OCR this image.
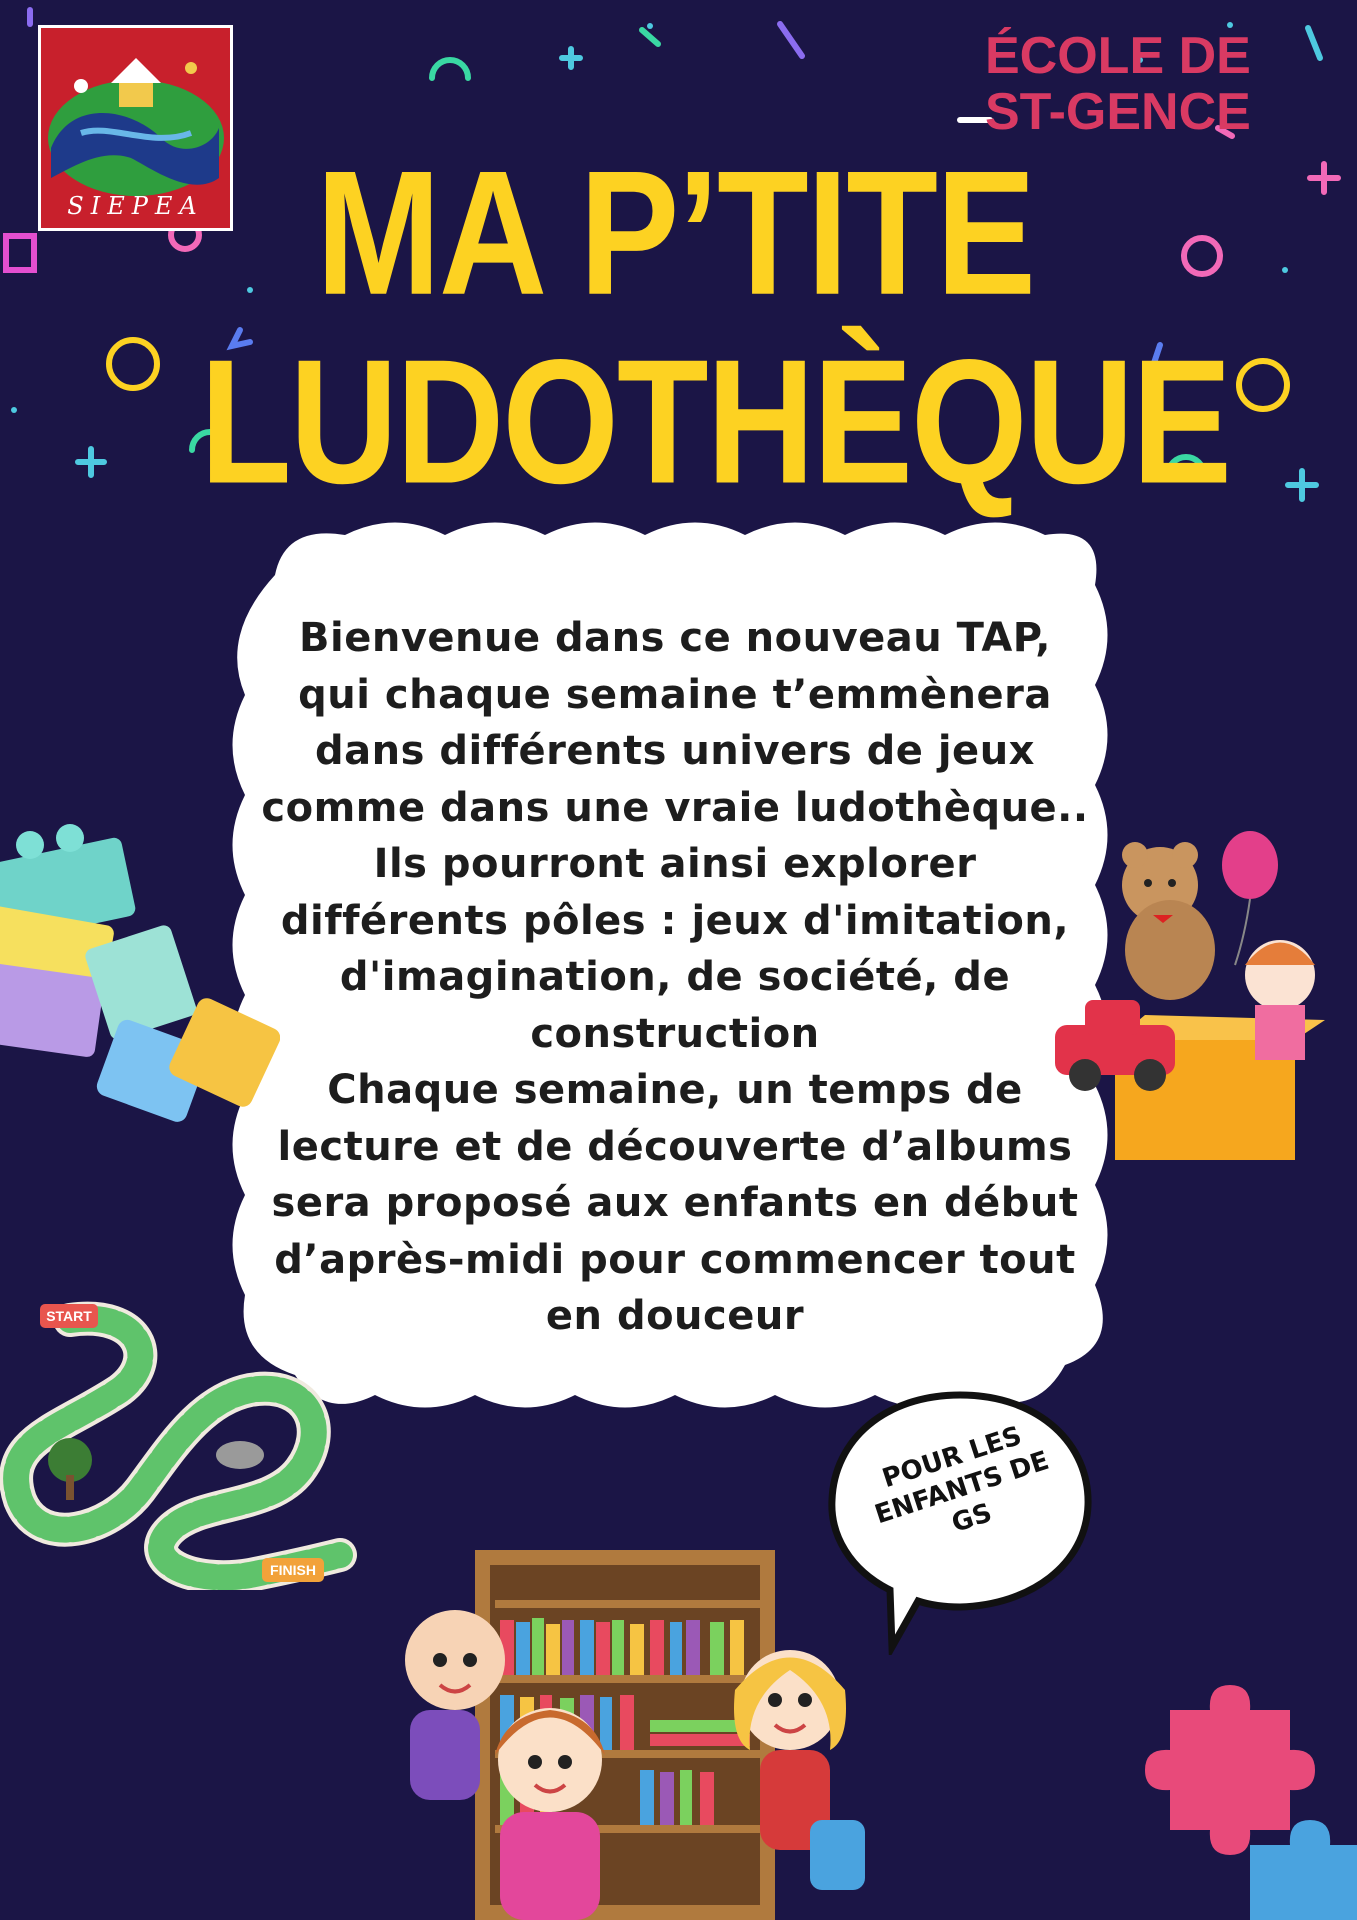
SIEPEA
ÉCOLE DE
ST-GENCE
MA P’TITE
LUDOTHÈQUE
Bienvenue dans ce nouveau TAP,
qui chaque semaine t’emmènera
dans différents univers de jeux
comme dans une vraie ludothèque..
Ils pourront ainsi explorer
différents pôles : jeux d'imitation,
d'imagination, de société, de
construction
Chaque semaine, un temps de
lecture et de découverte d’albums
sera proposé aux enfants en début
d’après-midi pour commencer tout
en douceur
POUR LES
ENFANTS DE
GS
START
FINISH
